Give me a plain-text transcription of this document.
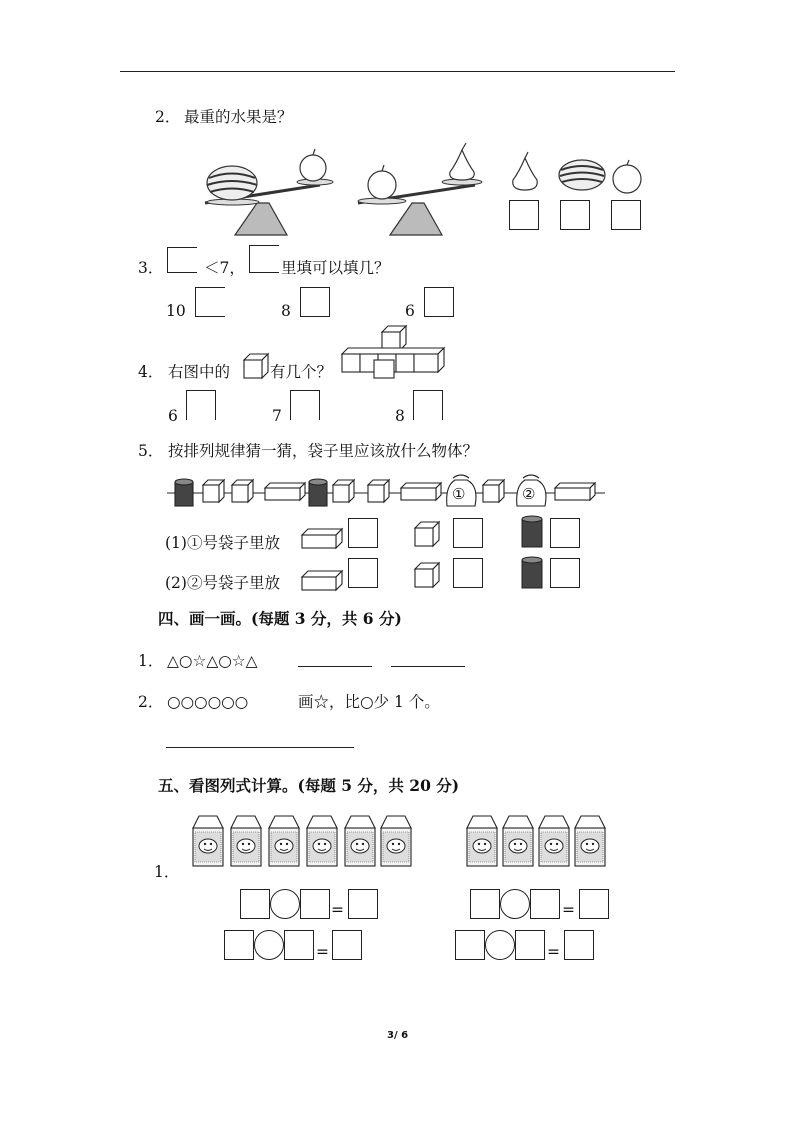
2． 最重的水果是？
3．	＜7， 里填可以填几？
10	8	6
4． 右图中的	有几个？
6	7	8
5． 按排列规律猜一猜，袋子里应该放什么物体？
①	②
(1)①号袋子里放
(2)②号袋子里放
四、画一画。(每题 3 分，共 6 分)
1． △○☆△○☆△
2． ○○○○○○	画☆，比○少 1 个。
五、看图列式计算。(每题 5 分，共 20 分)
1．
=	=
=	=
3/ 6
